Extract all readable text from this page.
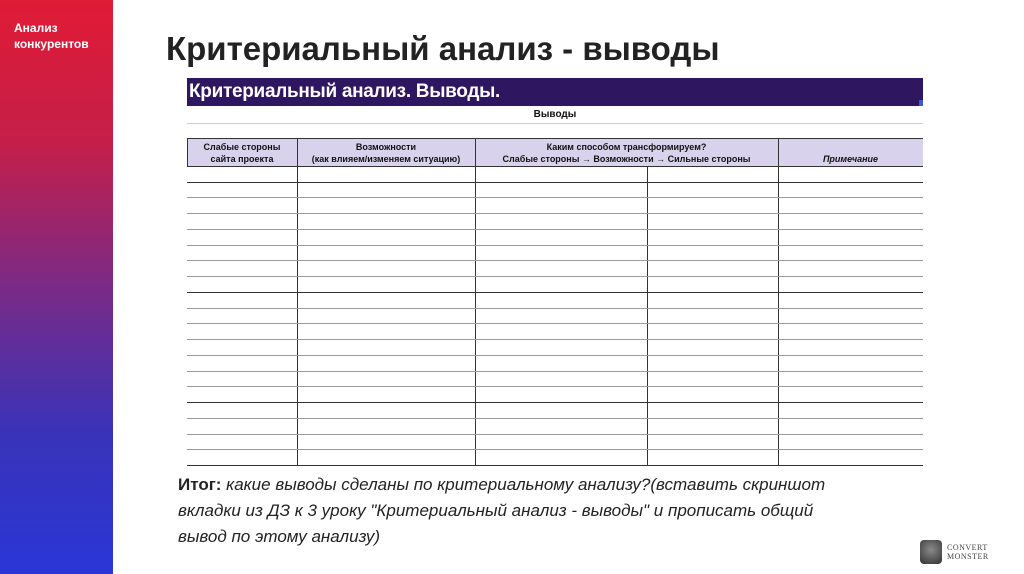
Анализ
конкурентов	Критериальный анализ - выводы
Критериальный анализ. Выводы.
Выводы
Слабые стороны
сайта проекта
Возможности
(как влияем/изменяем ситуацию)
Каким способом трансформируем?
Слабые стороны → Возможности → Сильные стороны	Примечание
Итог: какие выводы сделаны по критериальному анализу?(вставить скриншот вкладки из ДЗ к 3 уроку "Критериальный анализ - выводы" и прописать общий вывод по этому анализу)
CONVERT
MONSTER
